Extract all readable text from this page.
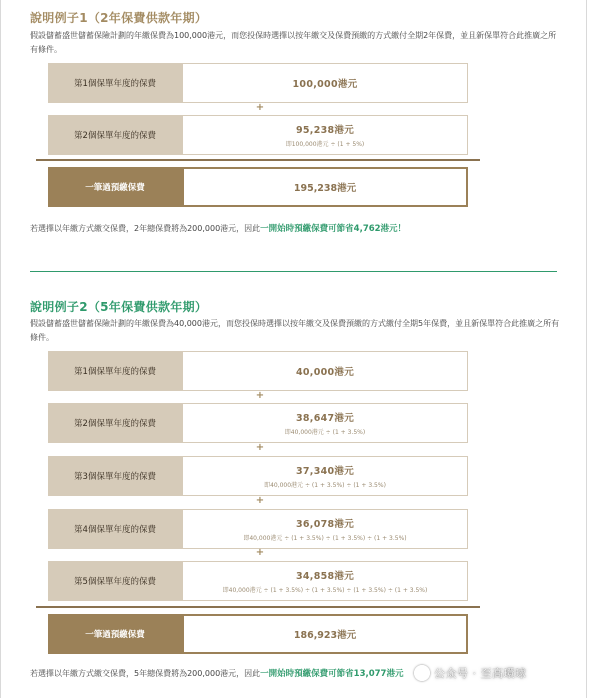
說明例子1（2年保費供款年期）
假設儲蓄盛世儲蓄保險計劃的年繳保費為100,000港元，而您投保時選擇以按年繳交及保費預繳的方式繳付全期2年保費，並且新保單符合此推廣之所有條件。
第1個保單年度的保費	100,000港元
+
第2個保單年度的保費	95,238港元
即100,000港元 ÷ (1 + 5%)
一筆過預繳保費	195,238港元
若選擇以年繳方式繳交保費，2年總保費將為200,000港元，因此一開始時預繳保費可節省4,762港元！
說明例子2（5年保費供款年期）
假設儲蓄盛世儲蓄保險計劃的年繳保費為40,000港元，而您投保時選擇以按年繳交及保費預繳的方式繳付全期5年保費，並且新保單符合此推廣之所有條件。
第1個保單年度的保費	40,000港元
+
第2個保單年度的保費	38,647港元
即40,000港元 ÷ (1 + 3.5%)
+
第3個保單年度的保費	37,340港元
即40,000港元 ÷ (1 + 3.5%) ÷ (1 + 3.5%)
+
第4個保單年度的保費	36,078港元
即40,000港元 ÷ (1 + 3.5%) ÷ (1 + 3.5%) ÷ (1 + 3.5%)
+
第5個保單年度的保費	34,858港元
即40,000港元 ÷ (1 + 3.5%) ÷ (1 + 3.5%) ÷ (1 + 3.5%) ÷ (1 + 3.5%)
一筆過預繳保費	186,923港元
若選擇以年繳方式繳交保費，5年總保費將為200,000港元，因此一開始時預繳保費可節省13,077港元	公众号 · 至高環球
